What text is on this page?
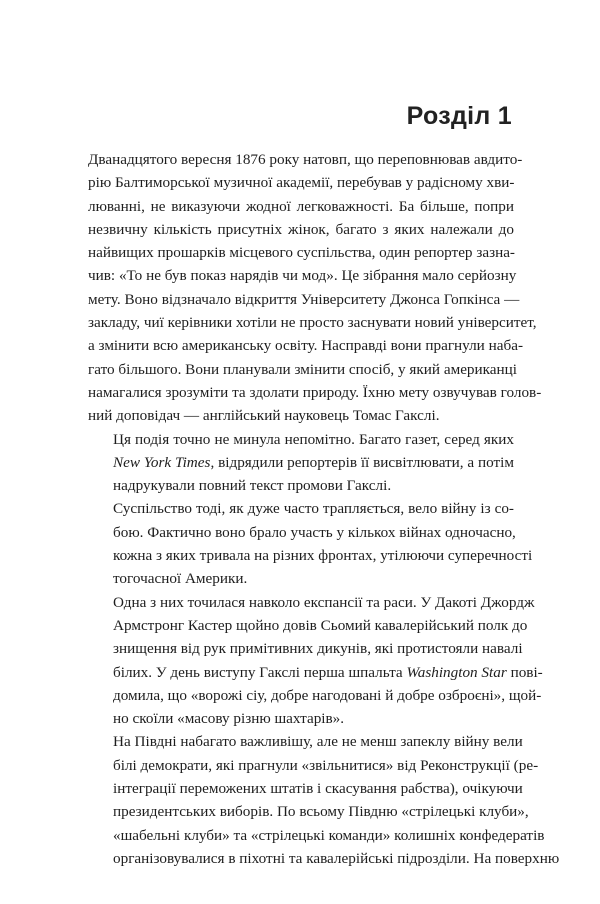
Розділ 1
Дванадцятого вересня 1876 року натовп, що переповнював авдито-
рію Балтиморської музичної академії, перебував у радісному хви-
люванні, не виказуючи жодної легковажності. Ба більше, попри
незвичну кількість присутніх жінок, багато з яких належали до
найвищих прошарків місцевого суспільства, один репортер зазна-
чив: «То не був показ нарядів чи мод». Це зібрання мало серйозну
мету. Воно відзначало відкриття Університету Джонса Гопкінса —
закладу, чиї керівники хотіли не просто заснувати новий університет,
а змінити всю американську освіту. Насправді вони прагнули наба-
гато більшого. Вони планували змінити спосіб, у який американці
намагалися зрозуміти та здолати природу. Їхню мету озвучував голов-
ний доповідач — англійський науковець Томас Гакслі.
Ця подія точно не минула непомітно. Багато газет, серед яких
New York Times, відрядили репортерів її висвітлювати, а потім
надрукували повний текст промови Гакслі.
Суспільство тоді, як дуже часто трапляється, вело війну із со-
бою. Фактично воно брало участь у кількох війнах одночасно,
кожна з яких тривала на різних фронтах, утілюючи суперечності
тогочасної Америки.
Одна з них точилася навколо експансії та раси. У Дакоті Джордж
Армстронг Кастер щойно довів Сьомий кавалерійський полк до
знищення від рук примітивних дикунів, які протистояли навалі
білих. У день виступу Гакслі перша шпальта Washington Star пові-
домила, що «ворожі сіу, добре нагодовані й добре озброєні», щой-
но скоїли «масову різню шахтарів».
На Півдні набагато важливішу, але не менш запеклу війну вели
білі демократи, які прагнули «звільнитися» від Реконструкції (ре-
інтеграції переможених штатів і скасування рабства), очікуючи
президентських виборів. По всьому Півдню «стрілецькі клуби»,
«шабельні клуби» та «стрілецькі команди» колишніх конфедератів
організовувалися в піхотні та кавалерійські підрозділи. На поверхню
